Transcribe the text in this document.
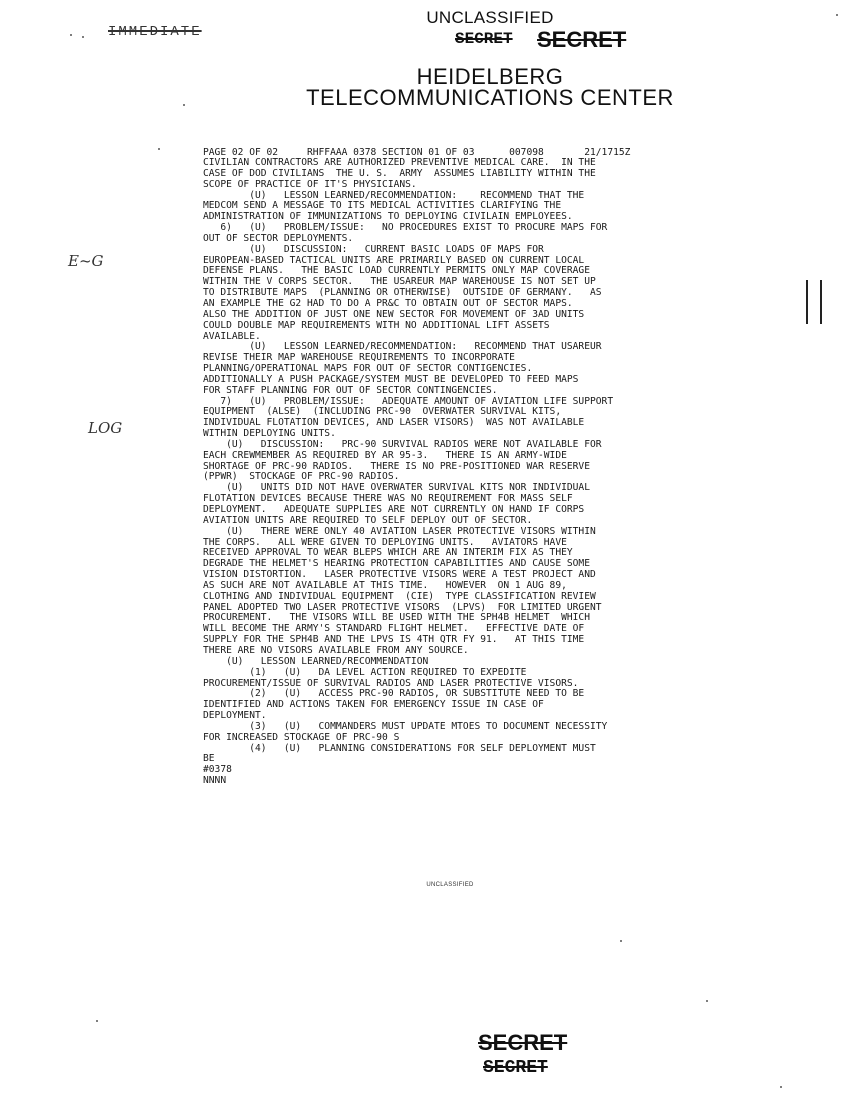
UNCLASSIFIED
IMMEDIATE	SECRET SECRET
HEIDELBERG
TELECOMMUNICATIONS CENTER
PAGE 02 OF 02     RHFFAAA 0378 SECTION 01 OF 03      007098       21/1715Z
CIVILIAN CONTRACTORS ARE AUTHORIZED PREVENTIVE MEDICAL CARE.  IN THE
CASE OF DOD CIVILIANS  THE U. S.  ARMY  ASSUMES LIABILITY WITHIN THE
SCOPE OF PRACTICE OF IT'S PHYSICIANS.
(U)   LESSON LEARNED/RECOMMENDATION:    RECOMMEND THAT THE
MEDCOM SEND A MESSAGE TO ITS MEDICAL ACTIVITIES CLARIFYING THE
ADMINISTRATION OF IMMUNIZATIONS TO DEPLOYING CIVILAIN EMPLOYEES.
6)   (U)   PROBLEM/ISSUE:   NO PROCEDURES EXIST TO PROCURE MAPS FOR
OUT OF SECTOR DEPLOYMENTS.
(U)   DISCUSSION:   CURRENT BASIC LOADS OF MAPS FOR
EUROPEAN-BASED TACTICAL UNITS ARE PRIMARILY BASED ON CURRENT LOCAL
DEFENSE PLANS.   THE BASIC LOAD CURRENTLY PERMITS ONLY MAP COVERAGE
WITHIN THE V CORPS SECTOR.   THE USAREUR MAP WAREHOUSE IS NOT SET UP
TO DISTRIBUTE MAPS  (PLANNING OR OTHERWISE)  OUTSIDE OF GERMANY.   AS
AN EXAMPLE THE G2 HAD TO DO A PR&C TO OBTAIN OUT OF SECTOR MAPS.
ALSO THE ADDITION OF JUST ONE NEW SECTOR FOR MOVEMENT OF 3AD UNITS
COULD DOUBLE MAP REQUIREMENTS WITH NO ADDITIONAL LIFT ASSETS
AVAILABLE.
(U)   LESSON LEARNED/RECOMMENDATION:   RECOMMEND THAT USAREUR
REVISE THEIR MAP WAREHOUSE REQUIREMENTS TO INCORPORATE
PLANNING/OPERATIONAL MAPS FOR OUT OF SECTOR CONTIGENCIES.
ADDITIONALLY A PUSH PACKAGE/SYSTEM MUST BE DEVELOPED TO FEED MAPS
FOR STAFF PLANNING FOR OUT OF SECTOR CONTINGENCIES.
7)   (U)   PROBLEM/ISSUE:   ADEQUATE AMOUNT OF AVIATION LIFE SUPPORT
EQUIPMENT  (ALSE)  (INCLUDING PRC-90  OVERWATER SURVIVAL KITS,
INDIVIDUAL FLOTATION DEVICES, AND LASER VISORS)  WAS NOT AVAILABLE
WITHIN DEPLOYING UNITS.
(U)   DISCUSSION:   PRC-90 SURVIVAL RADIOS WERE NOT AVAILABLE FOR
EACH CREWMEMBER AS REQUIRED BY AR 95-3.   THERE IS AN ARMY-WIDE
SHORTAGE OF PRC-90 RADIOS.   THERE IS NO PRE-POSITIONED WAR RESERVE
(PPWR)  STOCKAGE OF PRC-90 RADIOS.
(U)   UNITS DID NOT HAVE OVERWATER SURVIVAL KITS NOR INDIVIDUAL
FLOTATION DEVICES BECAUSE THERE WAS NO REQUIREMENT FOR MASS SELF
DEPLOYMENT.   ADEQUATE SUPPLIES ARE NOT CURRENTLY ON HAND IF CORPS
AVIATION UNITS ARE REQUIRED TO SELF DEPLOY OUT OF SECTOR.
(U)   THERE WERE ONLY 40 AVIATION LASER PROTECTIVE VISORS WITHIN
THE CORPS.   ALL WERE GIVEN TO DEPLOYING UNITS.   AVIATORS HAVE
RECEIVED APPROVAL TO WEAR BLEPS WHICH ARE AN INTERIM FIX AS THEY
DEGRADE THE HELMET'S HEARING PROTECTION CAPABILITIES AND CAUSE SOME
VISION DISTORTION.   LASER PROTECTIVE VISORS WERE A TEST PROJECT AND
AS SUCH ARE NOT AVAILABLE AT THIS TIME.   HOWEVER  ON 1 AUG 89,
CLOTHING AND INDIVIDUAL EQUIPMENT  (CIE)  TYPE CLASSIFICATION REVIEW
PANEL ADOPTED TWO LASER PROTECTIVE VISORS  (LPVS)  FOR LIMITED URGENT
PROCUREMENT.   THE VISORS WILL BE USED WITH THE SPH4B HELMET  WHICH
WILL BECOME THE ARMY'S STANDARD FLIGHT HELMET.   EFFECTIVE DATE OF
SUPPLY FOR THE SPH4B AND THE LPVS IS 4TH QTR FY 91.   AT THIS TIME
THERE ARE NO VISORS AVAILABLE FROM ANY SOURCE.
(U)   LESSON LEARNED/RECOMMENDATION
(1)   (U)   DA LEVEL ACTION REQUIRED TO EXPEDITE
PROCUREMENT/ISSUE OF SURVIVAL RADIOS AND LASER PROTECTIVE VISORS.
(2)   (U)   ACCESS PRC-90 RADIOS, OR SUBSTITUTE NEED TO BE
IDENTIFIED AND ACTIONS TAKEN FOR EMERGENCY ISSUE IN CASE OF
DEPLOYMENT.
(3)   (U)   COMMANDERS MUST UPDATE MTOES TO DOCUMENT NECESSITY
FOR INCREASED STOCKAGE OF PRC-90 S
(4)   (U)   PLANNING CONSIDERATIONS FOR SELF DEPLOYMENT MUST
BE
#0378
NNNN
E~G
LOG
UNCLASSIFIED
SECRET
SECRET
